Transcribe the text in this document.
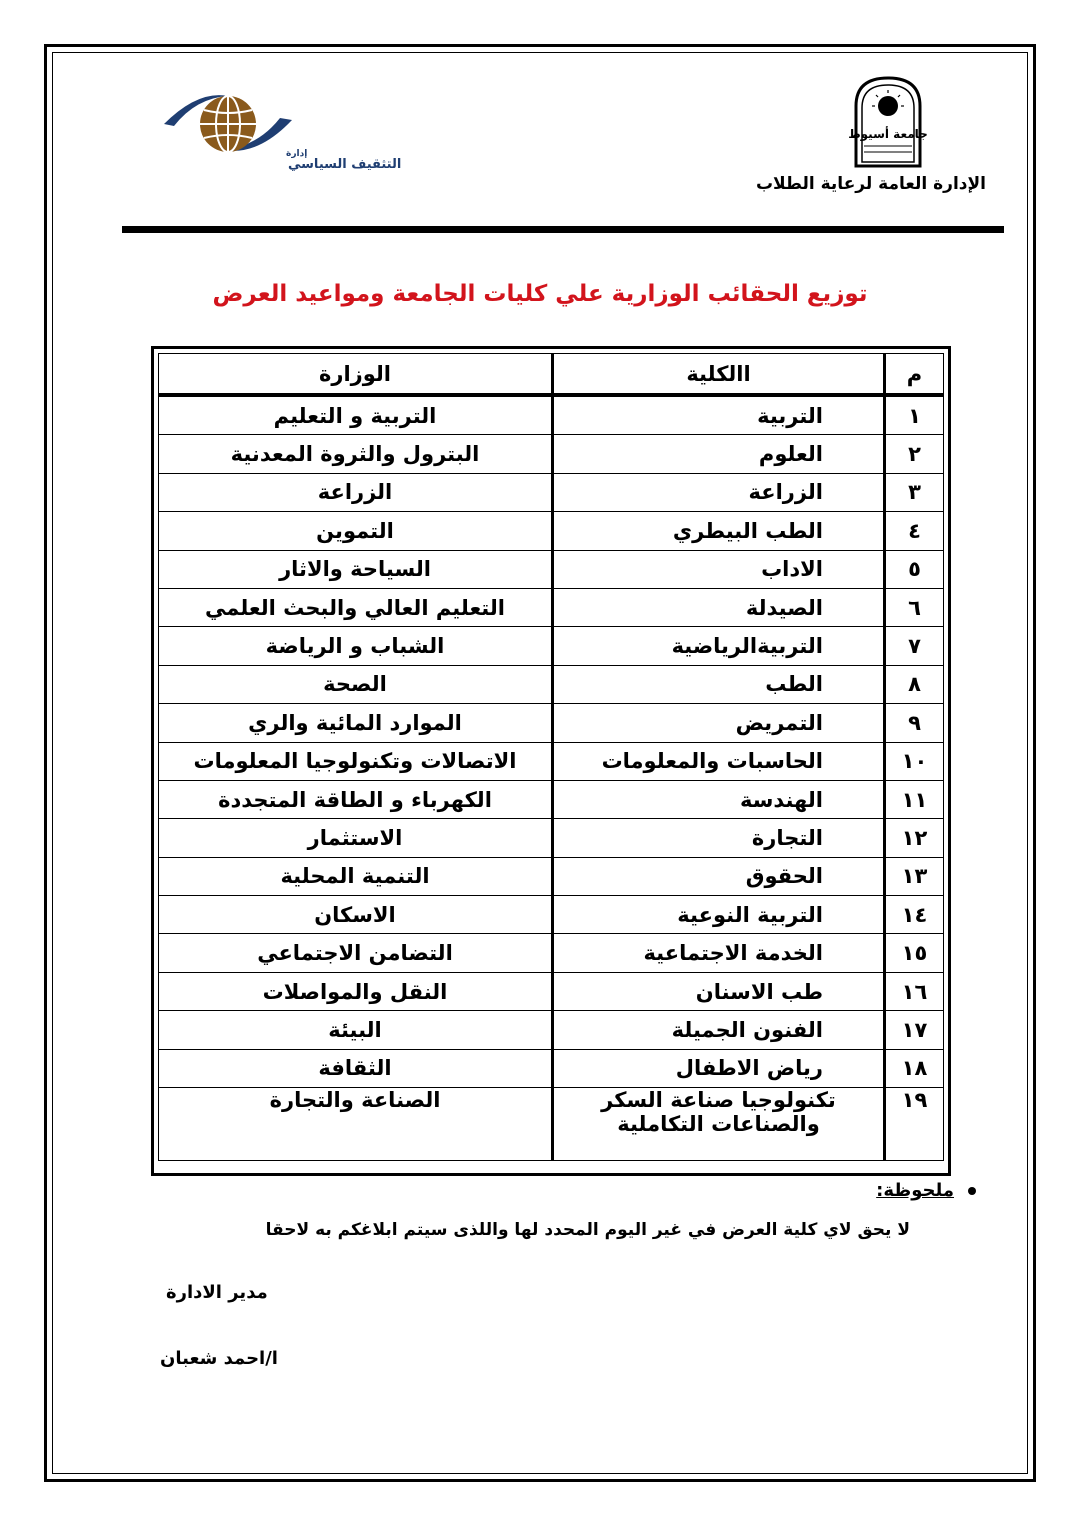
جامعة أسيوط
الإدارة العامة لرعاية الطلاب
إدارة
التثقيف السياسي
توزيع الحقائب الوزارية علي كليات الجامعة ومواعيد العرض
م	االكلية	الوزارة
١	التربية	التربية و التعليم
٢	العلوم	البترول والثروة المعدنية
٣	الزراعة	الزراعة
٤	الطب البيطري	التموين
٥	الاداب	السياحة والاثار
٦	الصيدلة	التعليم العالي والبحث العلمي
٧	التربيةالرياضية	الشباب و الرياضة
٨	الطب	الصحة
٩	التمريض	الموارد المائية والري
١٠	الحاسبات والمعلومات	الاتصالات وتكنولوجيا المعلومات
١١	الهندسة	الكهرباء و الطاقة المتجددة
١٢	التجارة	الاستثمار
١٣	الحقوق	التنمية المحلية
١٤	التربية النوعية	الاسكان
١٥	الخدمة الاجتماعية	التضامن الاجتماعي
١٦	طب الاسنان	النقل والمواصلات
١٧	الفنون الجميلة	البيئة
١٨	رياض الاطفال	الثقافة
١٩	تكنولوجيا صناعة السكر
والصناعات التكاملية	الصناعة والتجارة
ملحوظة:
لا يحق لاي كلية العرض في غير اليوم المحدد لها واللذى سيتم ابلاغكم به لاحقا
مدير الادارة
ا/احمد شعبان
